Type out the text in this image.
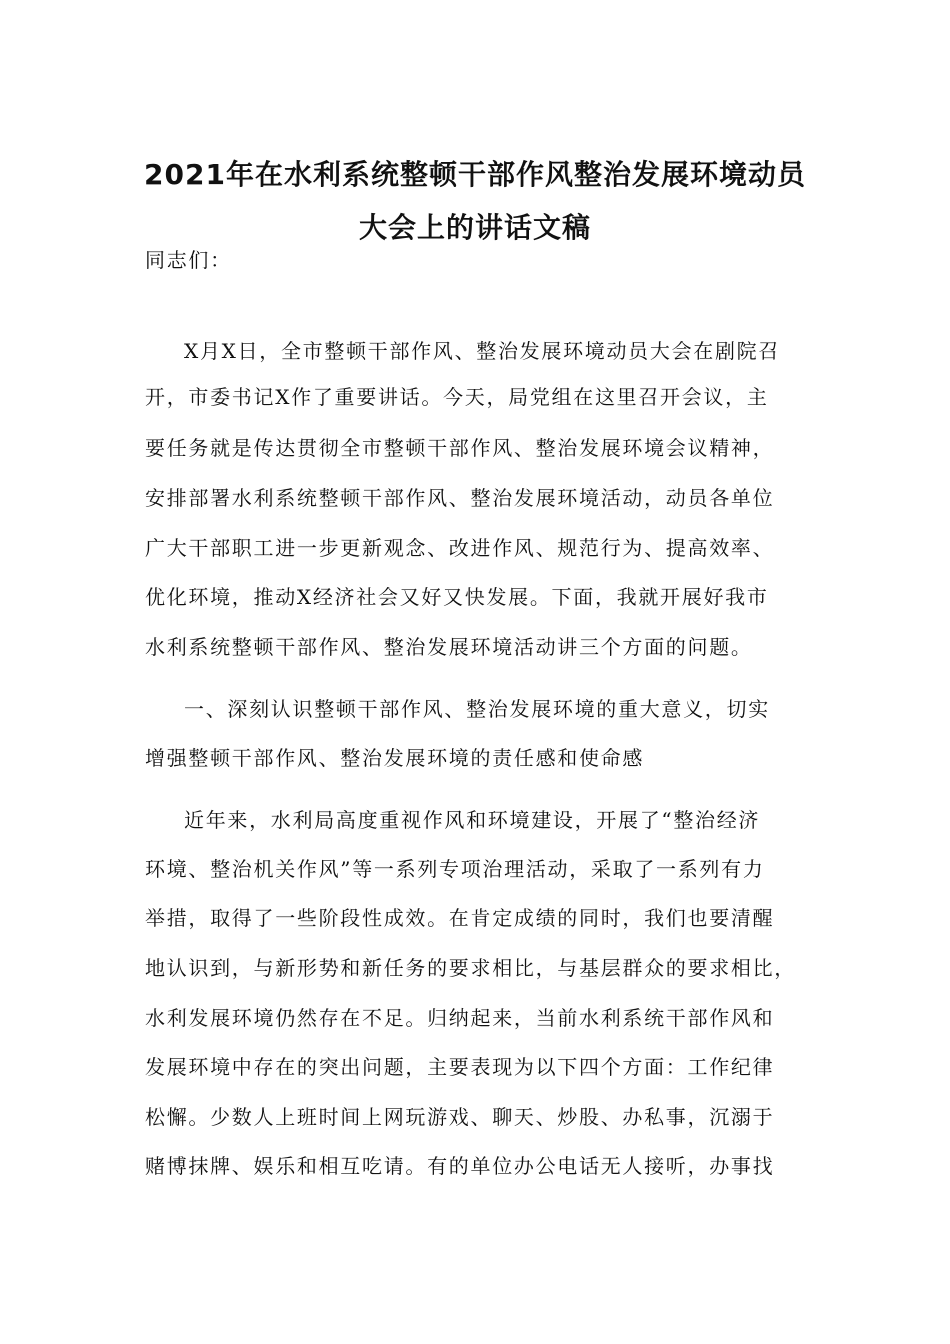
2021年在水利系统整顿干部作风整治发展环境动员
大会上的讲话文稿
同志们：
X月X日，全市整顿干部作风、整治发展环境动员大会在剧院召
开，市委书记X作了重要讲话。今天，局党组在这里召开会议，主
要任务就是传达贯彻全市整顿干部作风、整治发展环境会议精神，
安排部署水利系统整顿干部作风、整治发展环境活动，动员各单位
广大干部职工进一步更新观念、改进作风、规范行为、提高效率、
优化环境，推动X经济社会又好又快发展。下面，我就开展好我市
水利系统整顿干部作风、整治发展环境活动讲三个方面的问题。
一、深刻认识整顿干部作风、整治发展环境的重大意义，切实
增强整顿干部作风、整治发展环境的责任感和使命感
近年来，水利局高度重视作风和环境建设，开展了“整治经济
环境、整治机关作风”等一系列专项治理活动，采取了一系列有力
举措，取得了一些阶段性成效。在肯定成绩的同时，我们也要清醒
地认识到，与新形势和新任务的要求相比，与基层群众的要求相比，
水利发展环境仍然存在不足。归纳起来，当前水利系统干部作风和
发展环境中存在的突出问题，主要表现为以下四个方面：工作纪律
松懈。少数人上班时间上网玩游戏、聊天、炒股、办私事，沉溺于
赌博抹牌、娱乐和相互吃请。有的单位办公电话无人接听，办事找
